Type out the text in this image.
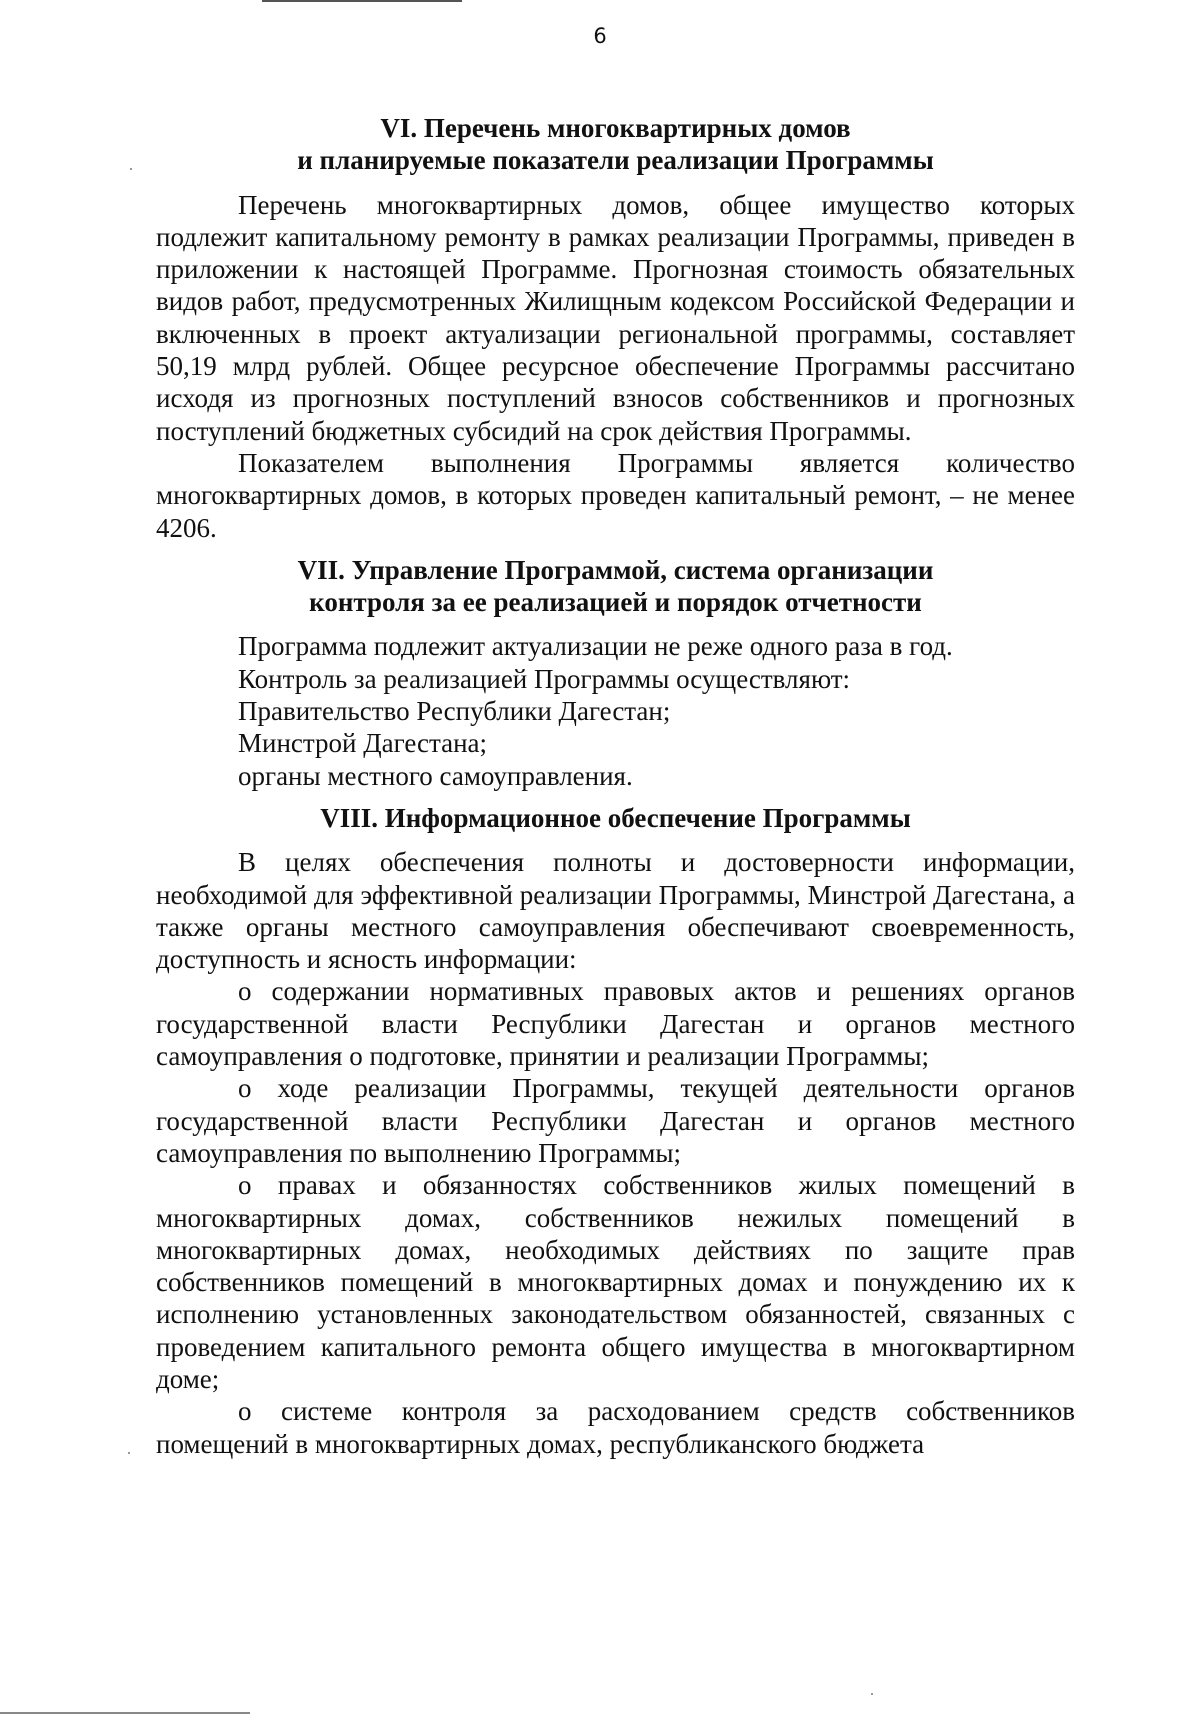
6
VI. Перечень многоквартирных домов
и планируемые показатели реализации Программы

Перечень многоквартирных домов, общее имущество которых подлежит капитальному ремонту в рамках реализации Программы, приведен в приложении к настоящей Программе. Прогнозная стоимость обязательных видов работ, предусмотренных Жилищным кодексом Российской Федерации и включенных в проект актуализации региональной программы, составляет 50,19 млрд рублей. Общее ресурсное обеспечение Программы рассчитано исходя из прогнозных поступлений взносов собственников и прогнозных поступлений бюджетных субсидий на срок действия Программы.

Показателем выполнения Программы является количество многоквартирных домов, в которых проведен капитальный ремонт, – не менее 4206.

VII. Управление Программой, система организации
контроля за ее реализацией и порядок отчетности

Программа подлежит актуализации не реже одного раза в год.

Контроль за реализацией Программы осуществляют:

Правительство Республики Дагестан;

Минстрой Дагестана;

органы местного самоуправления.

VIII. Информационное обеспечение Программы

В целях обеспечения полноты и достоверности информации, необходимой для эффективной реализации Программы, Минстрой Дагестана, а также органы местного самоуправления обеспечивают своевременность, доступность и ясность информации:

о содержании нормативных правовых актов и решениях органов государственной власти Республики Дагестан и органов местного самоуправления о подготовке, принятии и реализации Программы;

о ходе реализации Программы, текущей деятельности органов государственной власти Республики Дагестан и органов местного самоуправления по выполнению Программы;

о правах и обязанностях собственников жилых помещений в многоквартирных домах, собственников нежилых помещений в многоквартирных домах, необходимых действиях по защите прав собственников помещений в многоквартирных домах и понуждению их к исполнению установленных законодательством обязанностей, связанных с проведением капитального ремонта общего имущества в многоквартирном доме;

о системе контроля за расходованием средств собственников помещений в многоквартирных домах, республиканского бюджета
